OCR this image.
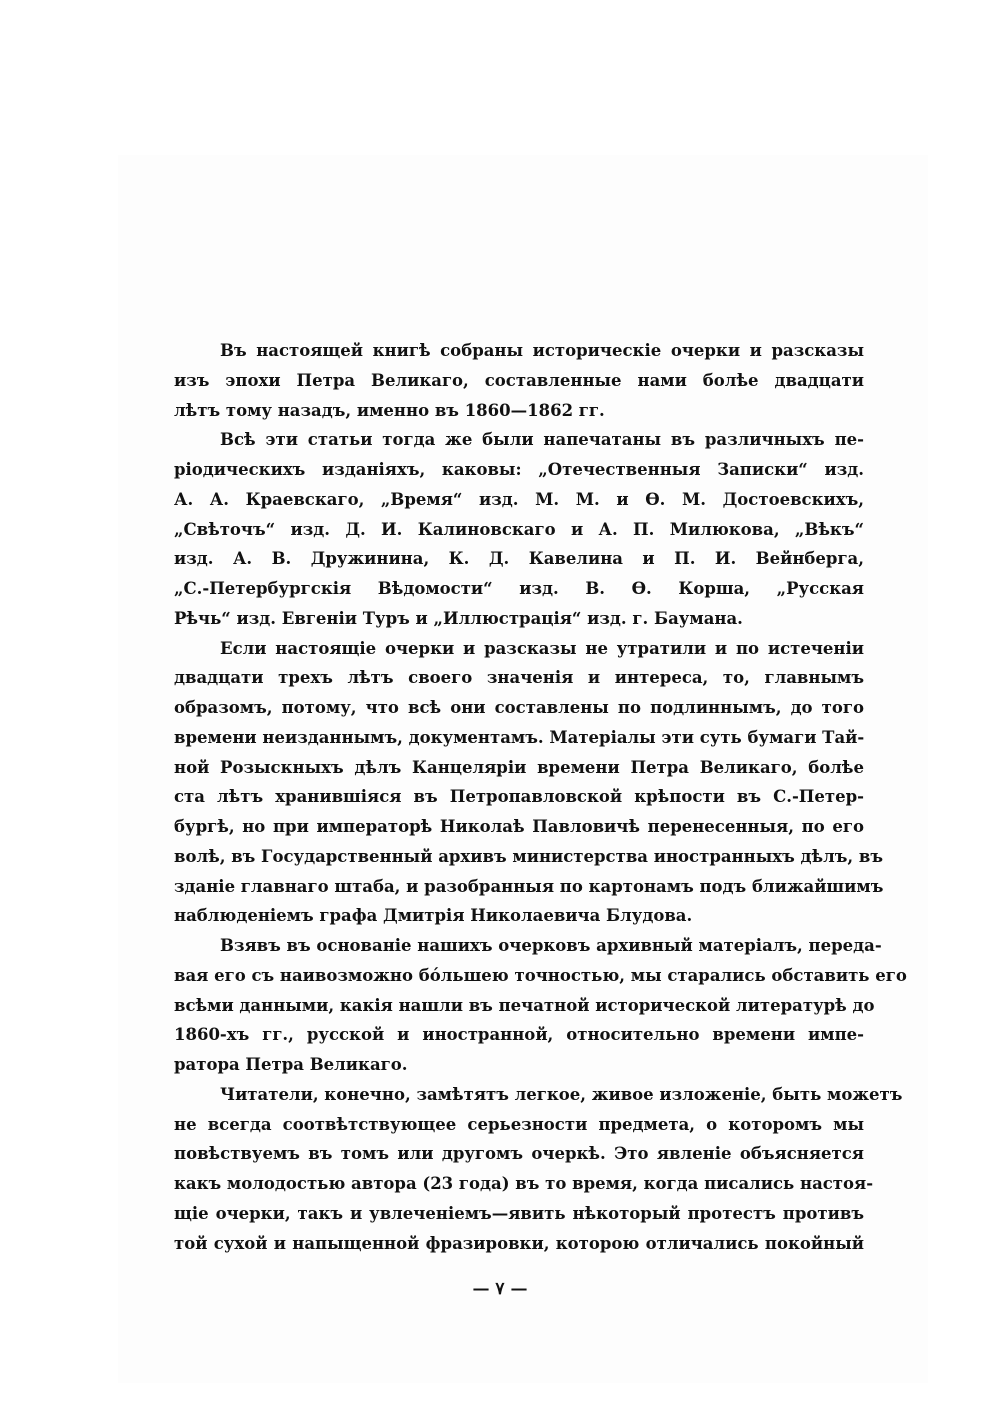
Въ настоящей книгѣ собраны историческіе очерки и разсказы
изъ эпохи Петра Великаго, составленные нами болѣе двадцати
лѣтъ тому назадъ, именно въ 1860—1862 гг.
Всѣ эти статьи тогда же были напечатаны въ различныхъ пе-
ріодическихъ изданіяхъ, каковы: „Отечественныя Записки“ изд.
А. А. Краевскаго, „Время“ изд. М. М. и Ѳ. М. Достоевскихъ,
„Свѣточъ“ изд. Д. И. Калиновскаго и А. П. Милюкова, „Вѣкъ“
изд. А. В. Дружинина, К. Д. Кавелина и П. И. Вейнберга,
„С.-Петербургскія Вѣдомости“ изд. В. Ѳ. Корша, „Русская
Рѣчь“ изд. Евгеніи Туръ и „Иллюстрація“ изд. г. Баумана.
Если настоящіе очерки и разсказы не утратили и по истеченіи
двадцати трехъ лѣтъ своего значенія и интереса, то, главнымъ
образомъ, потому, что всѣ они составлены по подлиннымъ, до того
времени неизданнымъ, документамъ. Матеріалы эти суть бумаги Тай-
ной Розыскныхъ дѣлъ Канцеляріи времени Петра Великаго, болѣе
ста лѣтъ хранившіяся въ Петропавловской крѣпости въ С.-Петер-
бургѣ, но при императорѣ Николаѣ Павловичѣ перенесенныя, по его
волѣ, въ Государственный архивъ министерства иностранныхъ дѣлъ, въ
зданіе главнаго штаба, и разобранныя по картонамъ подъ ближайшимъ
наблюденіемъ графа Дмитрія Николаевича Блудова.
Взявъ въ основаніе нашихъ очерковъ архивный матеріалъ, переда-
вая его съ наивозможно бóльшею точностью, мы старались обставить его
всѣми данными, какія нашли въ печатной исторической литературѣ до
1860-хъ гг., русской и иностранной, относительно времени импе-
ратора Петра Великаго.
Читатели, конечно, замѣтятъ легкое, живое изложеніе, быть можетъ
не всегда соотвѣтствующее серьезности предмета, о которомъ мы
повѣствуемъ въ томъ или другомъ очеркѣ. Это явленіе объясняется
какъ молодостью автора (23 года) въ то время, когда писались настоя-
щіе очерки, такъ и увлеченіемъ—явить нѣкоторый протестъ противъ
той сухой и напыщенной фразировки, которою отличались покойный
— ۷ —
